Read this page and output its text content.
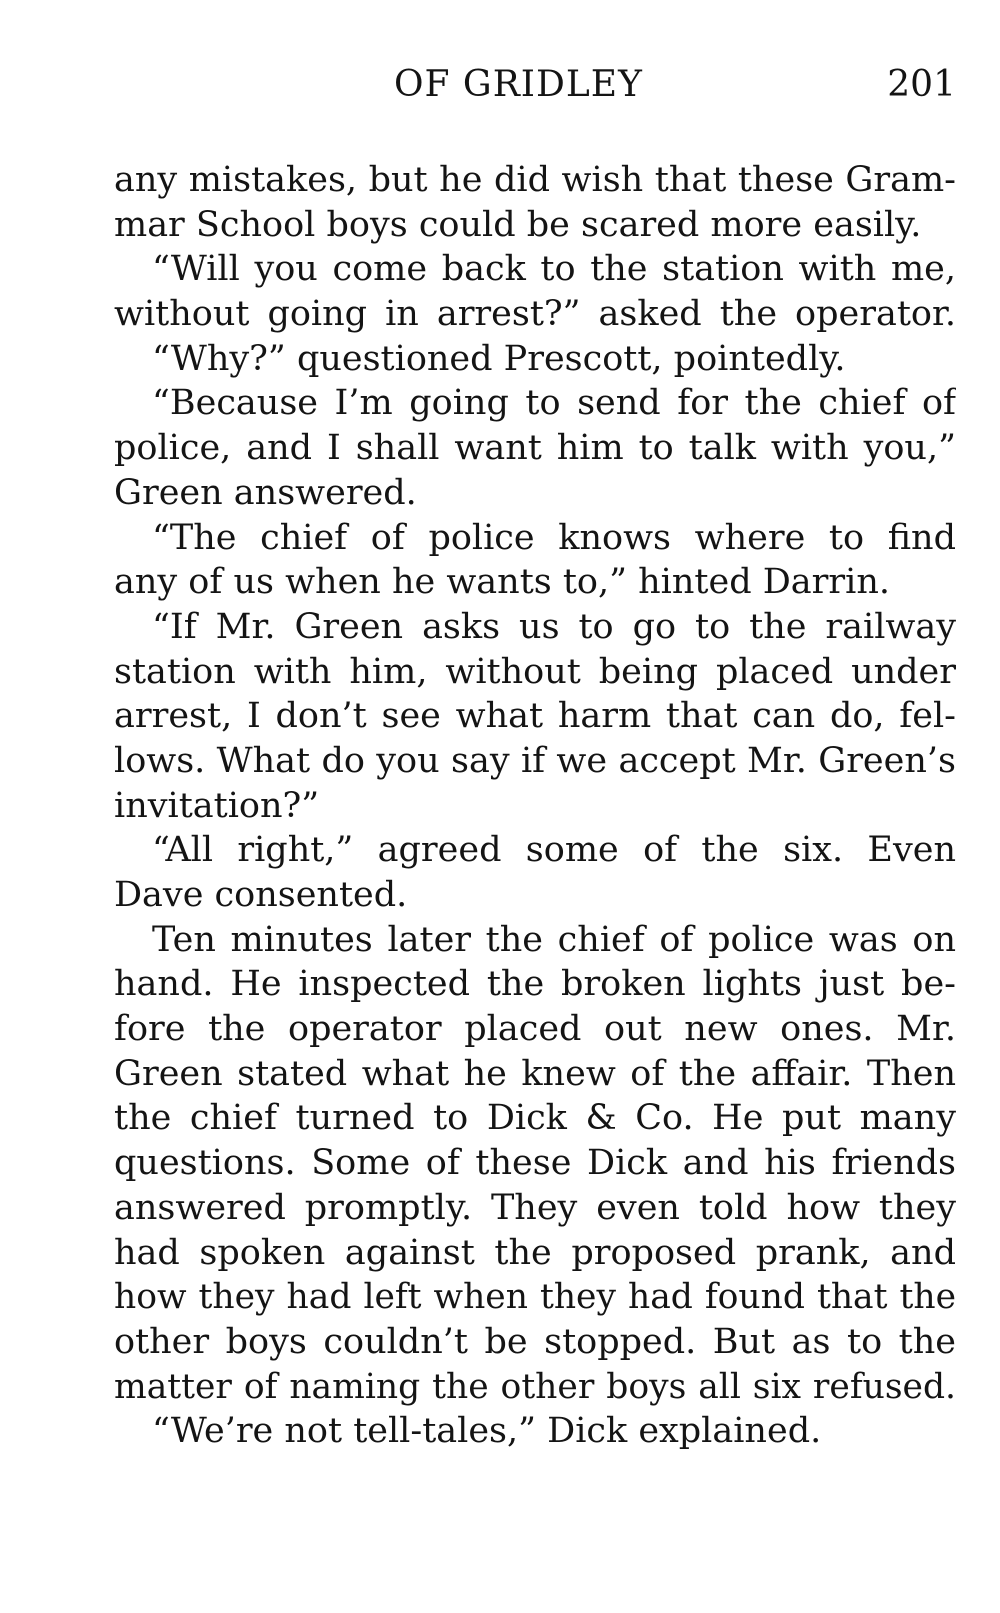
OF GRIDLEY	201
any mistakes, but he did wish that these Gram-
mar School boys could be scared more easily.
“Will you come back to the station with me,
without going in arrest?” asked the operator.
“Why?” questioned Prescott, pointedly.
“Because I’m going to send for the chief of
police, and I shall want him to talk with you,”
Green answered.
“The chief of police knows where to find
any of us when he wants to,” hinted Darrin.
“If Mr. Green asks us to go to the railway
station with him, without being placed under
arrest, I don’t see what harm that can do, fel-
lows. What do you say if we accept Mr. Green’s
invitation?”
“All right,” agreed some of the six. Even
Dave consented.
Ten minutes later the chief of police was on
hand. He inspected the broken lights just be-
fore the operator placed out new ones. Mr.
Green stated what he knew of the affair. Then
the chief turned to Dick & Co. He put many
questions. Some of these Dick and his friends
answered promptly. They even told how they
had spoken against the proposed prank, and
how they had left when they had found that the
other boys couldn’t be stopped. But as to the
matter of naming the other boys all six refused.
“We’re not tell-tales,” Dick explained.
